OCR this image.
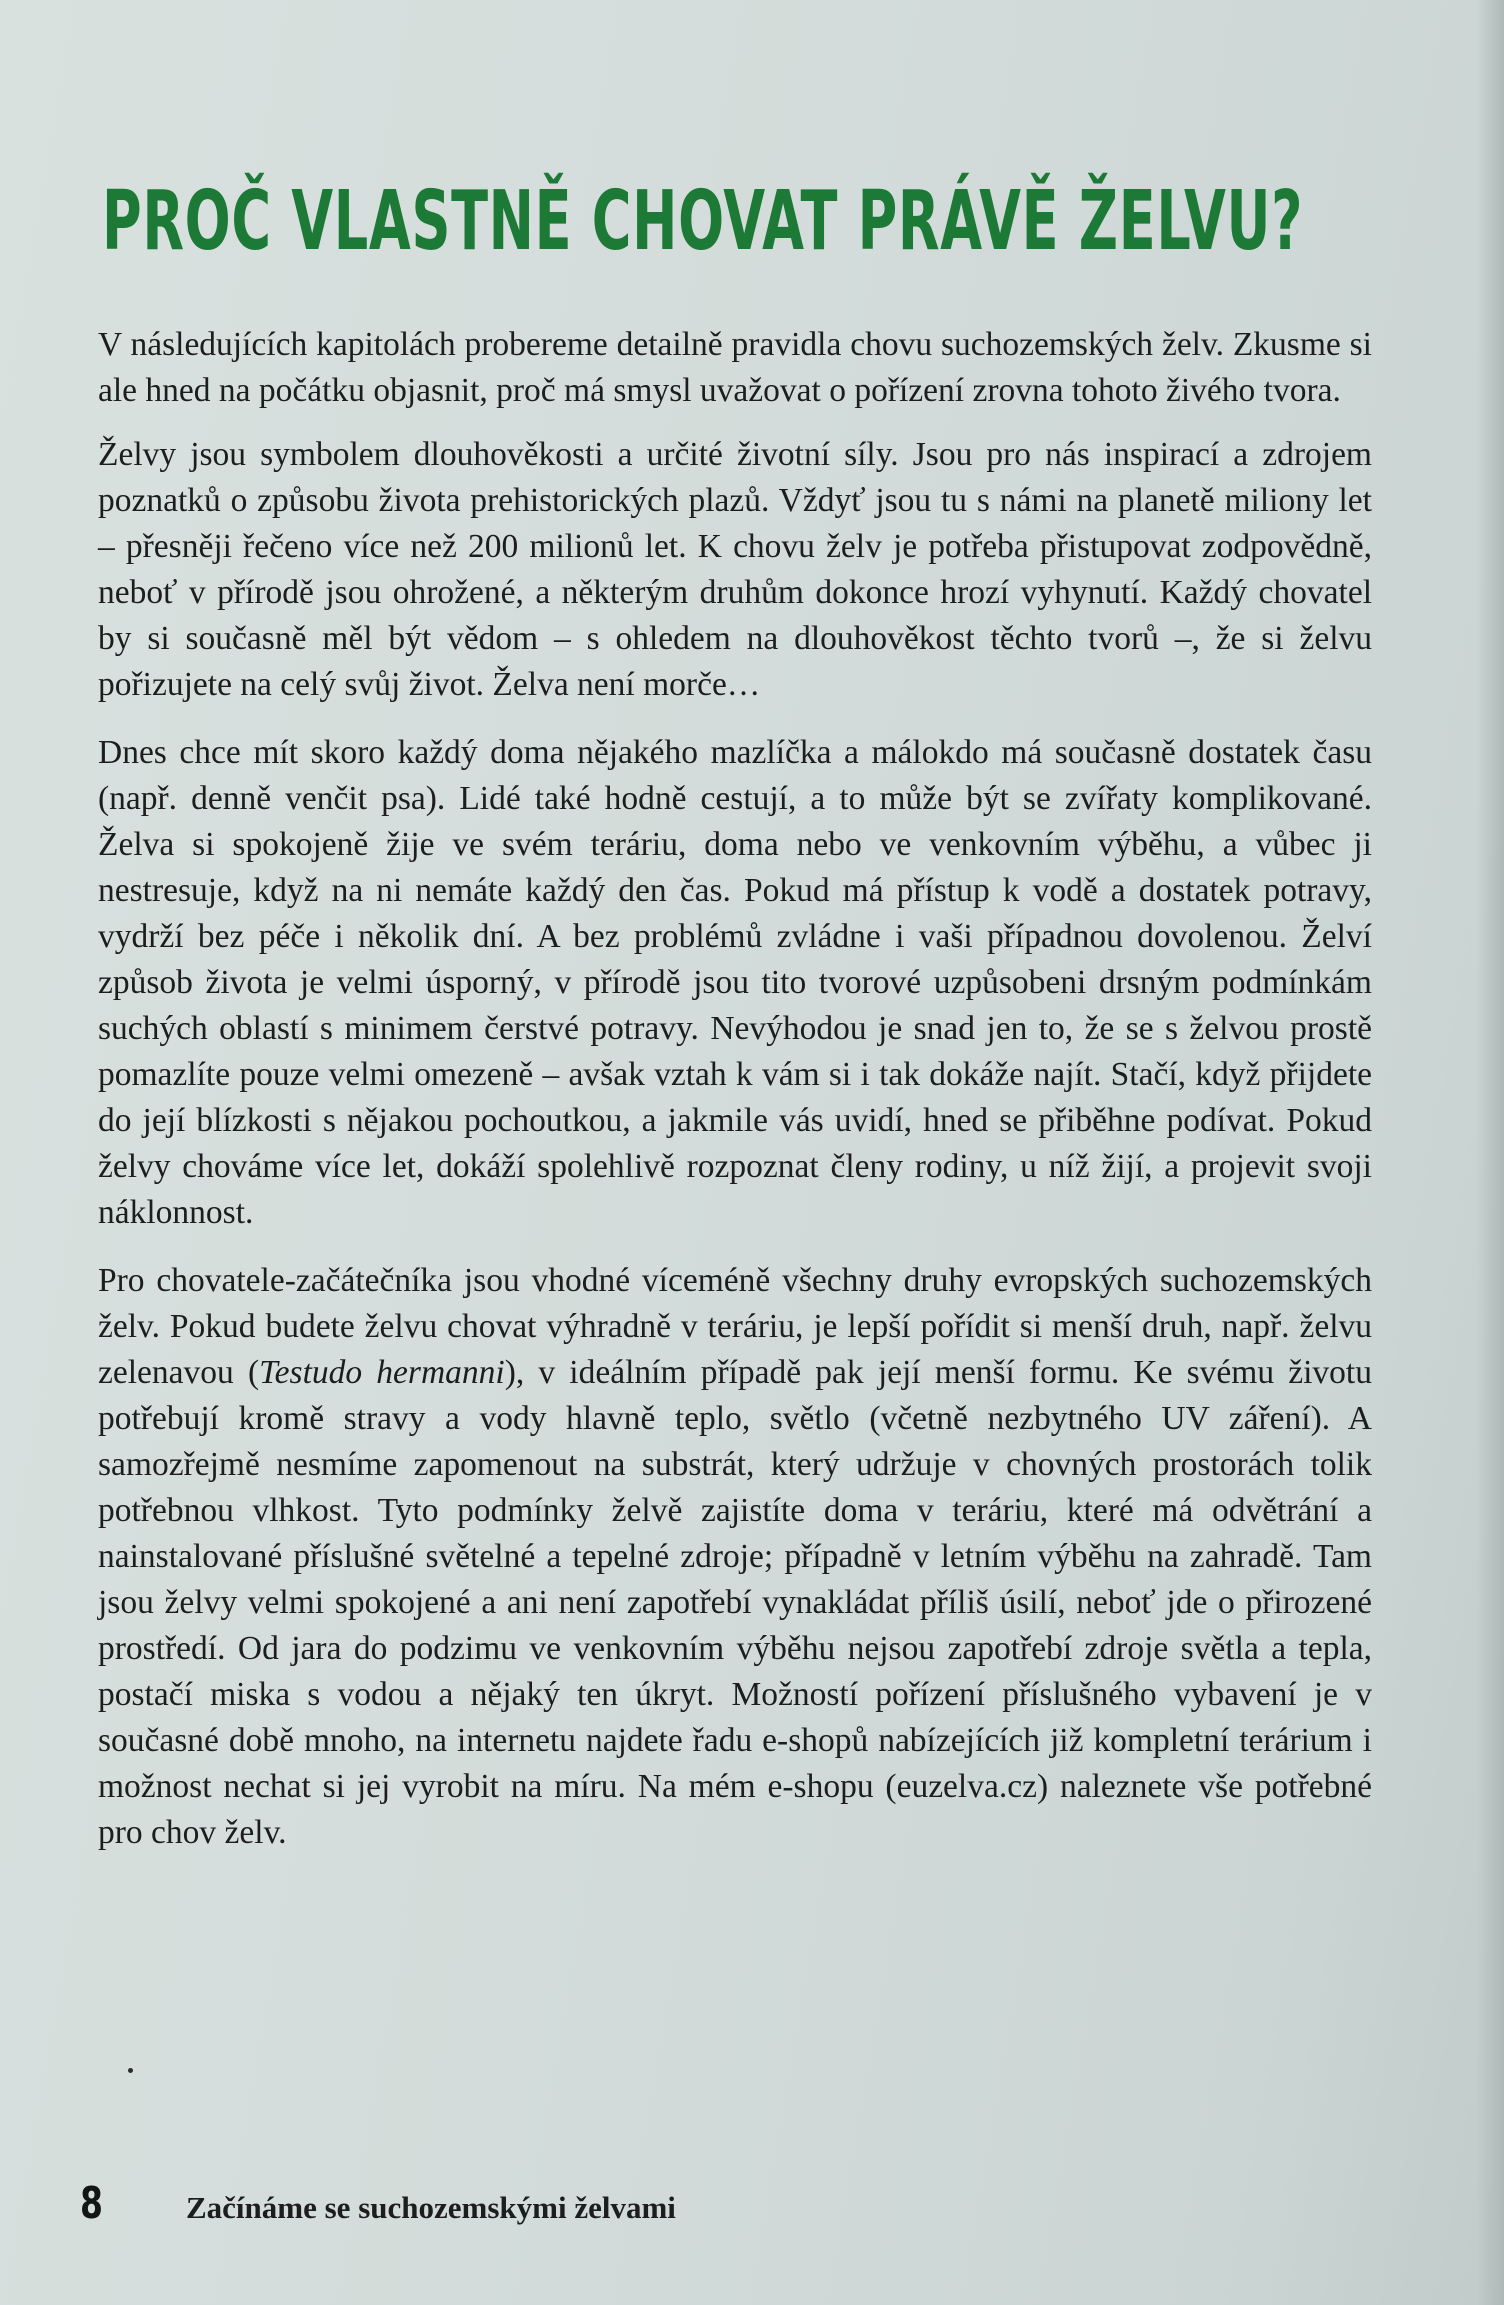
PROČ VLASTNĚ CHOVAT PRÁVĚ ŽELVU?

V následujících kapitolách probereme detailně pravidla chovu suchozemských želv. Zkusme si ale hned na počátku objasnit, proč má smysl uvažovat o pořízení zrovna tohoto živého tvora.

Želvy jsou symbolem dlouhověkosti a určité životní síly. Jsou pro nás inspirací a zdrojem poznatků o způsobu života prehistorických plazů. Vždyť jsou tu s námi na planetě miliony let – přesněji řečeno více než 200 milionů let. K chovu želv je potřeba přistupovat zodpovědně, neboť v přírodě jsou ohrožené, a některým druhům dokonce hrozí vyhynutí. Každý chovatel by si současně měl být vědom – s ohledem na dlouhověkost těchto tvorů –, že si želvu pořizujete na celý svůj život. Želva není morče…

Dnes chce mít skoro každý doma nějakého mazlíčka a málokdo má současně dostatek času (např. denně venčit psa). Lidé také hodně cestují, a to může být se zvířaty komplikované. Želva si spokojeně žije ve svém teráriu, doma nebo ve venkovním výběhu, a vůbec ji nestresuje, když na ni nemáte každý den čas. Pokud má přístup k vodě a dostatek potravy, vydrží bez péče i několik dní. A bez problémů zvládne i vaši případnou dovolenou. Želví způsob života je velmi úsporný, v přírodě jsou tito tvorové uzpůsobeni drsným podmínkám suchých oblastí s minimem čerstvé potravy. Nevýhodou je snad jen to, že se s želvou prostě pomazlíte pouze velmi omezeně – avšak vztah k vám si i tak dokáže najít. Stačí, když přijdete do její blízkosti s nějakou pochoutkou, a jakmile vás uvidí, hned se přiběhne podívat. Pokud želvy chováme více let, dokáží spolehlivě rozpoznat členy rodiny, u níž žijí, a projevit svoji náklonnost.

Pro chovatele-začátečníka jsou vhodné víceméně všechny druhy evropských suchozemských želv. Pokud budete želvu chovat výhradně v teráriu, je lepší pořídit si menší druh, např. želvu zelenavou (Testudo hermanni), v ideálním případě pak její menší formu. Ke svému životu potřebují kromě stravy a vody hlavně teplo, světlo (včetně nezbytného UV záření). A samozřejmě nesmíme zapomenout na substrát, který udržuje v chovných prostorách tolik potřebnou vlhkost. Tyto podmínky želvě zajistíte doma v teráriu, které má odvětrání a nainstalované příslušné světelné a tepelné zdroje; případně v letním výběhu na zahradě. Tam jsou želvy velmi spokojené a ani není zapotřebí vynakládat příliš úsilí, neboť jde o přirozené prostředí. Od jara do podzimu ve venkovním výběhu nejsou zapotřebí zdroje světla a tepla, postačí miska s vodou a nějaký ten úkryt. Možností pořízení příslušného vybavení je v současné době mnoho, na internetu najdete řadu e-shopů nabízejících již kompletní terárium i možnost nechat si jej vyrobit na míru. Na mém e-shopu (euzelva.cz) naleznete vše potřebné pro chov želv.

8	Začínáme se suchozemskými želvami
